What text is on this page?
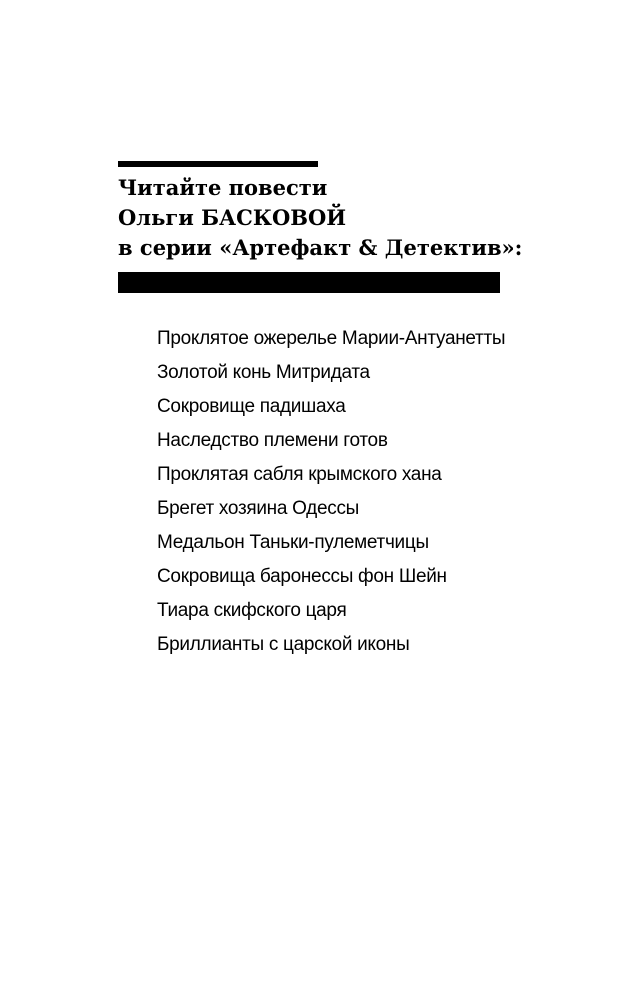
Читайте повести
Ольги БАСКОВОЙ
в серии «Артефакт & Детектив»:
Проклятое ожерелье Марии-Антуанетты
Золотой конь Митридата
Сокровище падишаха
Наследство племени готов
Проклятая сабля крымского хана
Брегет хозяина Одессы
Медальон Таньки-пулеметчицы
Сокровища баронессы фон Шейн
Тиара скифского царя
Бриллианты с царской иконы
